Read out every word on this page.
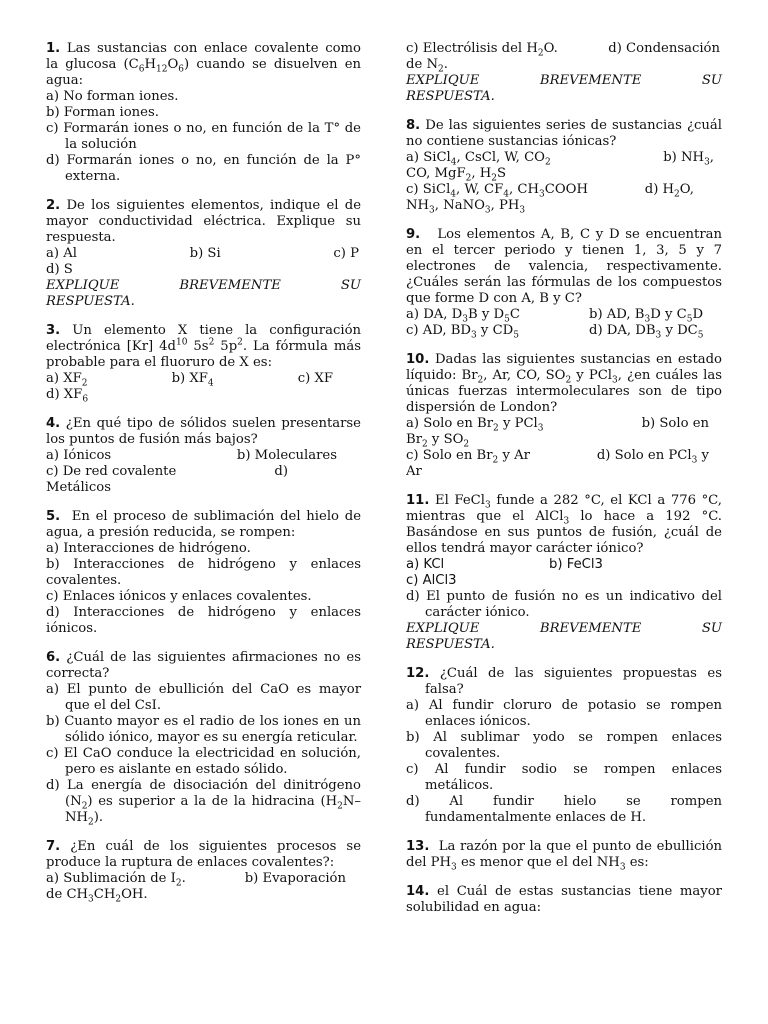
1. Las sustancias con enlace covalente como la glucosa $(C_6H_{12}O_6)$ cuando se disuelven en agua:

a) No forman iones.

b) Forman iones.

c) Formarán iones o no, en función de la T° de la solución

d) Formarán iones o no, en función de la P° externa.

2. De los siguientes elementos, indique el de mayor conductividad eléctrica. Explique su respuesta.

a) Al	b) Si	c) P

d) S

EXPLIQUE BREVEMENTE SU

RESPUESTA.

3. Un elemento X tiene la configuración electrónica [Kr] $4d^{10}$ $5s^2$ $5p^2$. La fórmula más probable para el fluoruro de X es:

a) $XF_2$	b) $XF_4$	c) XF

d) $XF_6$

4. ¿En qué tipo de sólidos suelen presentarse los puntos de fusión más bajos?

a) Iónicos	b) Moleculares
c) De red covalente	d)

Metálicos

5. En el proceso de sublimación del hielo de agua, a presión reducida, se rompen:

a) Interacciones de hidrógeno.

b) Interacciones de hidrógeno y enlaces covalentes.

c) Enlaces iónicos y enlaces covalentes.

d) Interacciones de hidrógeno y enlaces iónicos.

6. ¿Cuál de las siguientes afirmaciones no es correcta?

a) El punto de ebullición del CaO es mayor que el del CsI.

b) Cuanto mayor es el radio de los iones en un sólido iónico, mayor es su energía reticular.

c) El CaO conduce la electricidad en solución, pero es aislante en estado sólido.

d) La energía de disociación del dinitrógeno $(N_2)$ es superior a la de la hidracina $(H_2N-NH_2)$.

7. ¿En cuál de los siguientes procesos se produce la ruptura de enlaces covalentes?:

a) Sublimación de $I_2$.	b) Evaporación

de $CH_3CH_2OH$.

c) Electrólisis del $H_2O$.	d) Condensación

de $N_2$.

EXPLIQUE BREVEMENTE SU

RESPUESTA.

8. De las siguientes series de sustancias ¿cuál no contiene sustancias iónicas?

a) SiCl$_4$, CsCl, W, $CO_2$	b) $NH_3$,

CO, MgF$_2$, $H_2S$

c) SiCl$_4$, W, $CF_4$, $CH_3COOH$	d) $H_2O$,

$NH_3$, NaNO$_3$, $PH_3$

9. Los elementos A, B, C y D se encuentran en el tercer periodo y tienen 1, 3, 5 y 7 electrones de valencia, respectivamente. ¿Cuáles serán las fórmulas de los compuestos que forme D con A, B y C?

a) DA, $D_3B$ y $D_5C$	b) AD, $B_3D$ y $C_5D$
c) AD, $BD_3$ y $CD_5$	d) DA, $DB_3$ y $DC_5$

10. Dadas las siguientes sustancias en estado líquido: $Br_2$, Ar, CO, $SO_2$ y PCl$_3$, ¿en cuáles las únicas fuerzas intermoleculares son de tipo dispersión de London?

a) Solo en $Br_2$ y PCl$_3$	b) Solo en

$Br_2$ y $SO_2$

c) Solo en $Br_2$ y Ar	d) Solo en PCl$_3$ y

Ar

11. El FeCl$_3$ funde a 282 °C, el KCl a 776 °C, mientras que el AlCl$_3$ lo hace a 192 °C. Basándose en sus puntos de fusión, ¿cuál de ellos tendrá mayor carácter iónico?

a) KCl	b) FeCl3

c) AlCl3

d) El punto de fusión no es un indicativo del carácter iónico.

EXPLIQUE BREVEMENTE SU

RESPUESTA.

12. ¿Cuál de las siguientes propuestas es falsa?

a) Al fundir cloruro de potasio se rompen enlaces iónicos.

b) Al sublimar yodo se rompen enlaces covalentes.

c) Al fundir sodio se rompen enlaces metálicos.

d) Al fundir hielo se rompen fundamentalmente enlaces de H.

13. La razón por la que el punto de ebullición del $PH_3$ es menor que el del $NH_3$ es:

14. el Cuál de estas sustancias tiene mayor solubilidad en agua:
